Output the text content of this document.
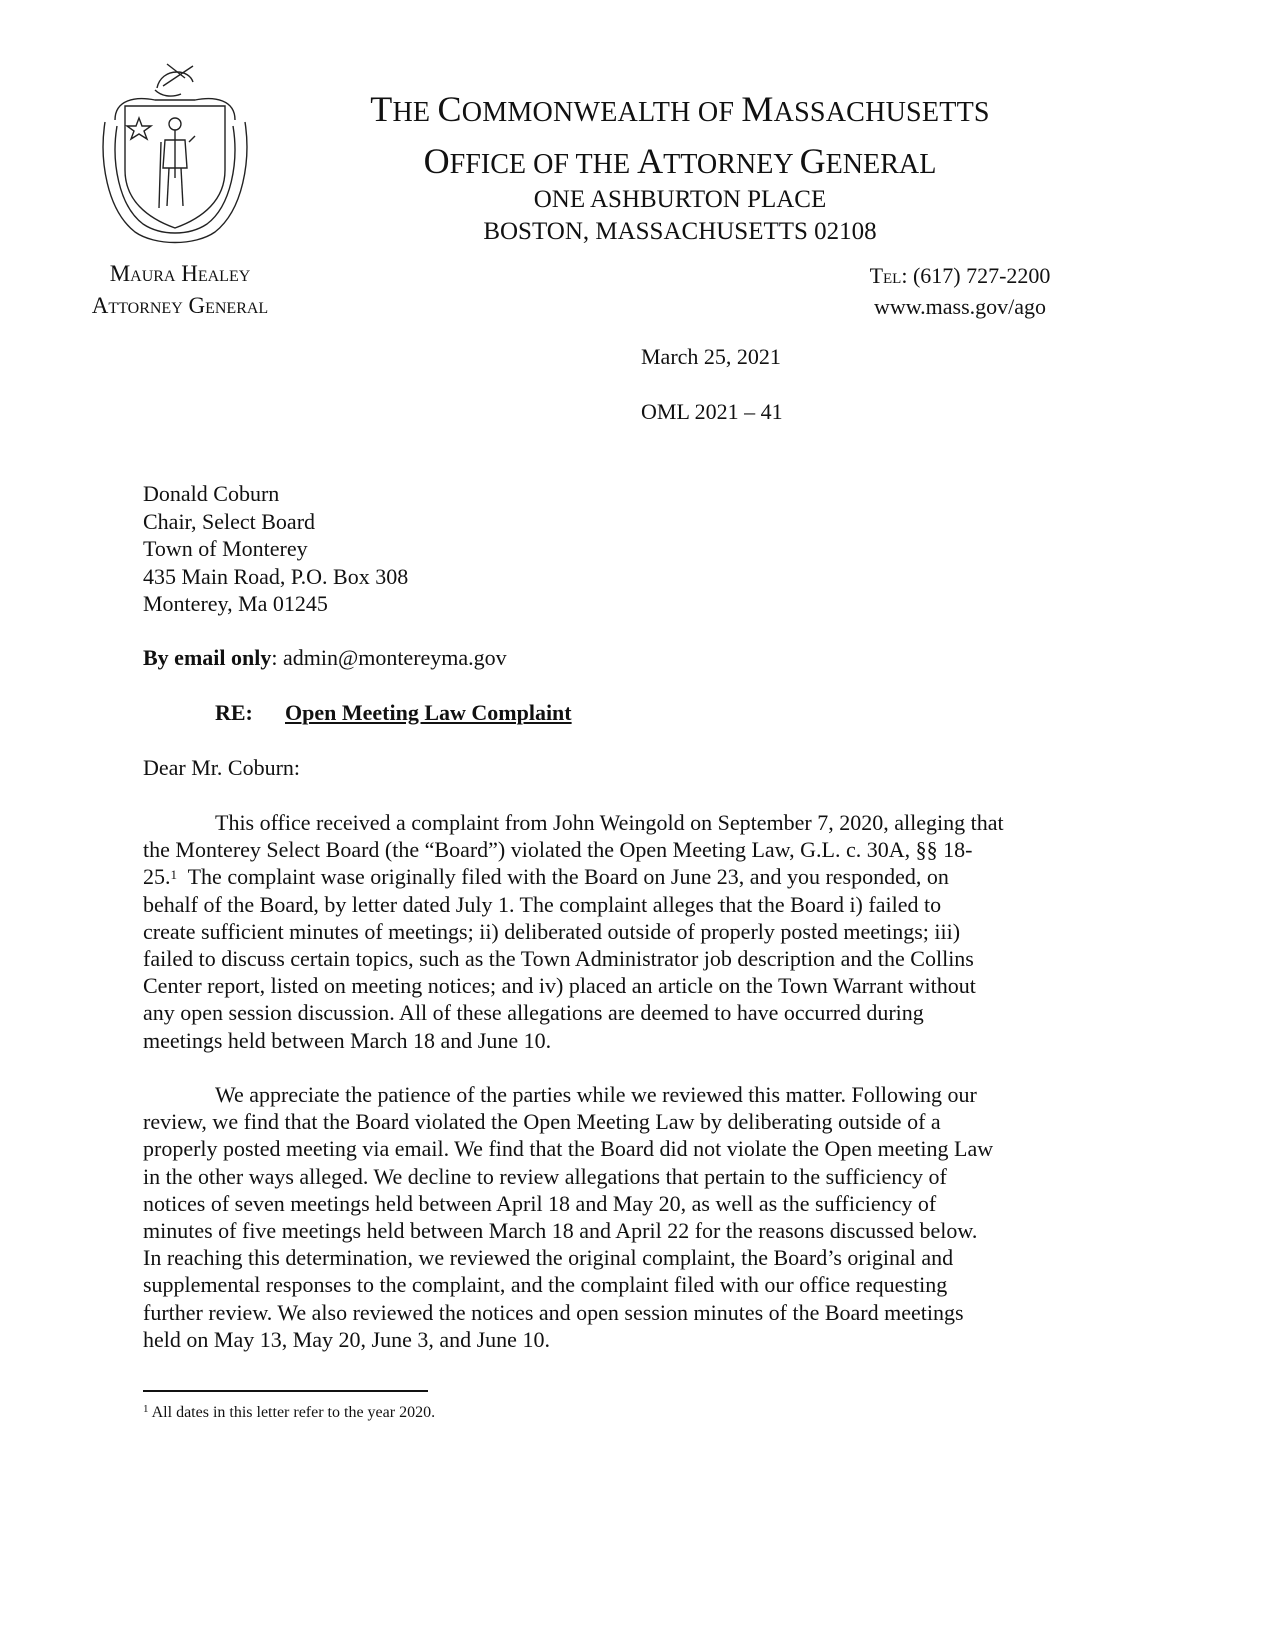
THE COMMONWEALTH OF MASSACHUSETTS
OFFICE OF THE ATTORNEY GENERAL
ONE ASHBURTON PLACE
BOSTON, MASSACHUSETTS 02108
Maura Healey
Attorney General
Tel: (617) 727-2200
www.mass.gov/ago
March 25, 2021
OML 2021 – 41
Donald Coburn
Chair, Select Board
Town of Monterey
435 Main Road, P.O. Box 308
Monterey, Ma 01245
By email only: admin@montereyma.gov
RE: Open Meeting Law Complaint
Dear Mr. Coburn:
This office received a complaint from John Weingold on September 7, 2020, alleging that
the Monterey Select Board (the “Board”) violated the Open Meeting Law, G.L. c. 30A, §§ 18-
25.$^1$ The complaint wase originally filed with the Board on June 23, and you responded, on
behalf of the Board, by letter dated July 1. The complaint alleges that the Board i) failed to
create sufficient minutes of meetings; ii) deliberated outside of properly posted meetings; iii)
failed to discuss certain topics, such as the Town Administrator job description and the Collins
Center report, listed on meeting notices; and iv) placed an article on the Town Warrant without
any open session discussion. All of these allegations are deemed to have occurred during
meetings held between March 18 and June 10.
We appreciate the patience of the parties while we reviewed this matter. Following our
review, we find that the Board violated the Open Meeting Law by deliberating outside of a
properly posted meeting via email. We find that the Board did not violate the Open meeting Law
in the other ways alleged. We decline to review allegations that pertain to the sufficiency of
notices of seven meetings held between April 18 and May 20, as well as the sufficiency of
minutes of five meetings held between March 18 and April 22 for the reasons discussed below.
In reaching this determination, we reviewed the original complaint, the Board’s original and
supplemental responses to the complaint, and the complaint filed with our office requesting
further review. We also reviewed the notices and open session minutes of the Board meetings
held on May 13, May 20, June 3, and June 10.
$^1$ All dates in this letter refer to the year 2020.
